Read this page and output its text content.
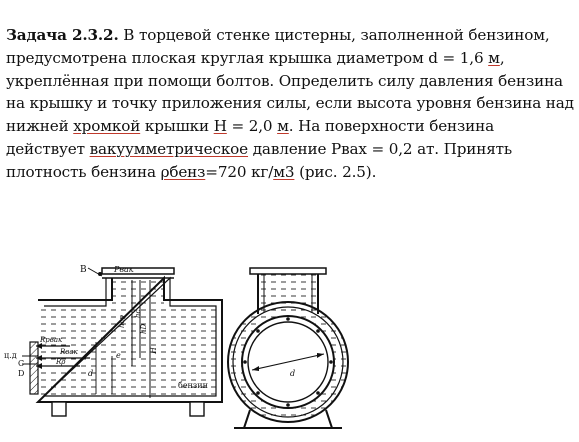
Задача 2.3.2. В торцевой стенке цистерны, заполненной бензином, предусмотрена плоская круглая крышка диаметром d = 1,6 м, укреплённая при помощи болтов. Определить силу давления бензина на крышку и точку приложения силы, если высота уровня бензина над нижней хромкой крышки Н = 2,0 м. На поверхности бензина действует вакуумметрическое давление Рвах = 0,2 ат. Принять плотность бензина ρбенз=720 кг/м3 (рис. 2.5).
B	Pвак
hcp
hc
hD
H
ц.д
C
D
Rpвак
Rвак
Rρ
d
e
бензин
d
